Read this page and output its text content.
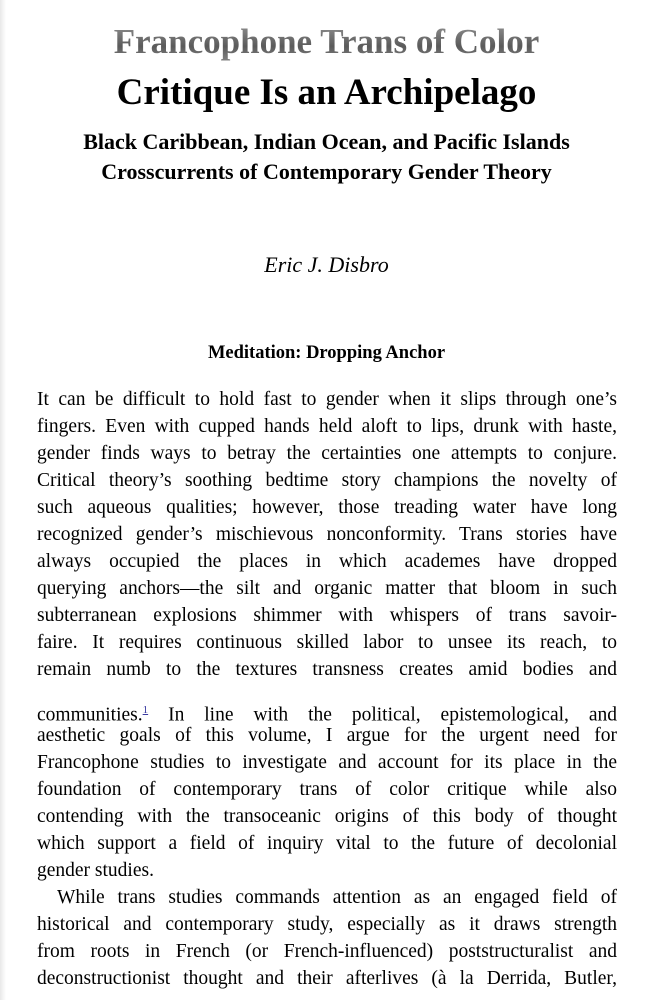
Francophone Trans of Color
Critique Is an Archipelago
Black Caribbean, Indian Ocean, and Pacific Islands
Crosscurrents of Contemporary Gender Theory
Eric J. Disbro
Meditation: Dropping Anchor
It can be difficult to hold fast to gender when it slips through one’s
fingers. Even with cupped hands held aloft to lips, drunk with haste,
gender finds ways to betray the certainties one attempts to conjure.
Critical theory’s soothing bedtime story champions the novelty of
such aqueous qualities; however, those treading water have long
recognized gender’s mischievous nonconformity. Trans stories have
always occupied the places in which academes have dropped
querying anchors—the silt and organic matter that bloom in such
subterranean explosions shimmer with whispers of trans savoir-
faire. It requires continuous skilled labor to unsee its reach, to
remain numb to the textures transness creates amid bodies and
communities.$^1$ In line with the political, epistemological, and
aesthetic goals of this volume, I argue for the urgent need for
Francophone studies to investigate and account for its place in the
foundation of contemporary trans of color critique while also
contending with the transoceanic origins of this body of thought
which support a field of inquiry vital to the future of decolonial
gender studies.
While trans studies commands attention as an engaged field of
historical and contemporary study, especially as it draws strength
from roots in French (or French-influenced) poststructuralist and
deconstructionist thought and their afterlives (à la Derrida, Butler,
